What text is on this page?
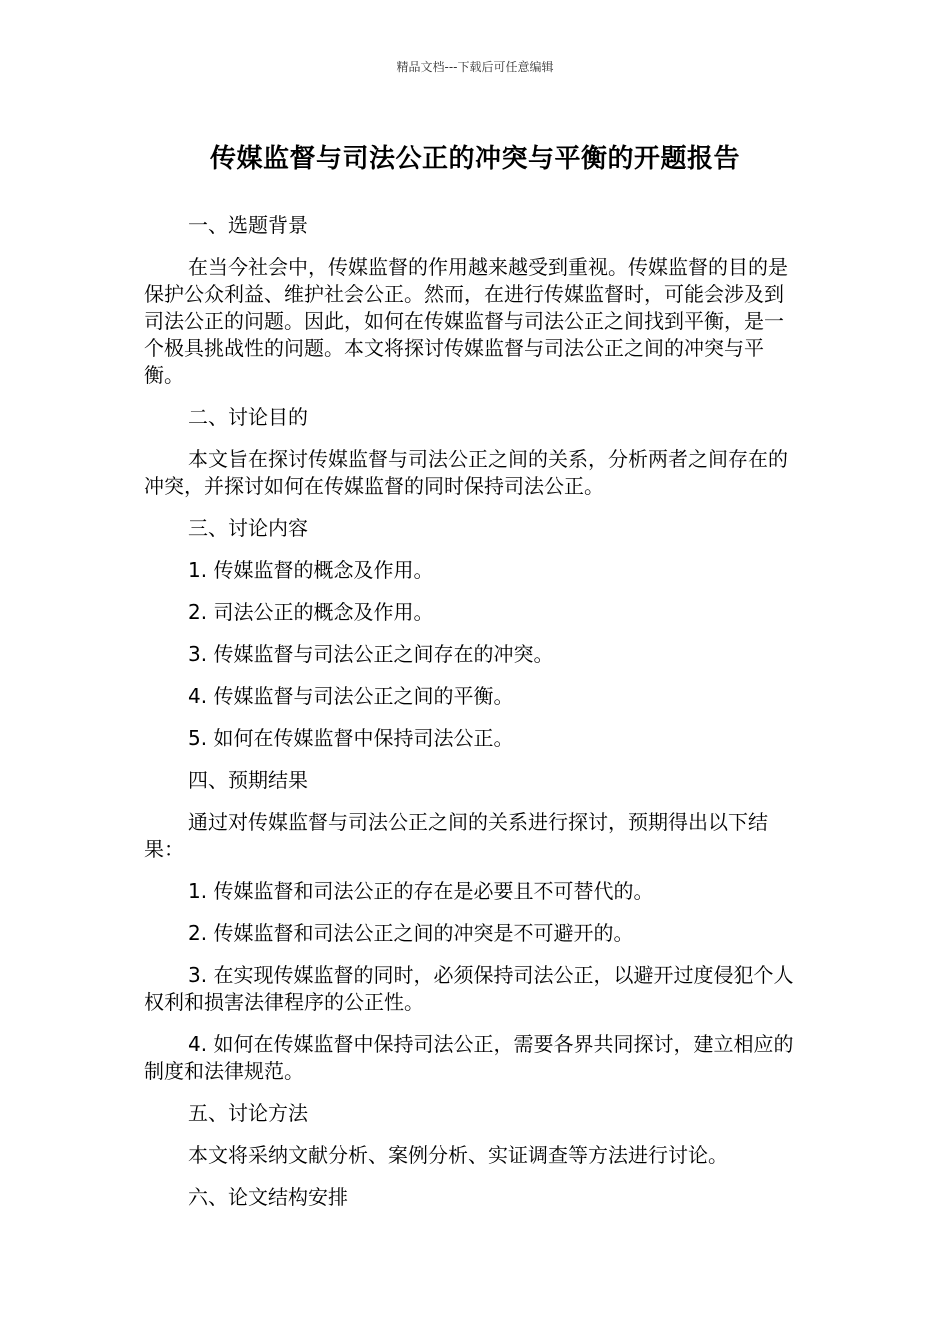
精品文档---下载后可任意编辑
传媒监督与司法公正的冲突与平衡的开题报告

一、选题背景

在当今社会中，传媒监督的作用越来越受到重视。传媒监督的目的是保护公众利益、维护社会公正。然而，在进行传媒监督时，可能会涉及到司法公正的问题。因此，如何在传媒监督与司法公正之间找到平衡，是一个极具挑战性的问题。本文将探讨传媒监督与司法公正之间的冲突与平衡。

二、讨论目的

本文旨在探讨传媒监督与司法公正之间的关系，分析两者之间存在的冲突，并探讨如何在传媒监督的同时保持司法公正。

三、讨论内容

1. 传媒监督的概念及作用。

2. 司法公正的概念及作用。

3. 传媒监督与司法公正之间存在的冲突。

4. 传媒监督与司法公正之间的平衡。

5. 如何在传媒监督中保持司法公正。

四、预期结果

通过对传媒监督与司法公正之间的关系进行探讨，预期得出以下结果：

1. 传媒监督和司法公正的存在是必要且不可替代的。

2. 传媒监督和司法公正之间的冲突是不可避开的。

3. 在实现传媒监督的同时，必须保持司法公正，以避开过度侵犯个人权利和损害法律程序的公正性。

4. 如何在传媒监督中保持司法公正，需要各界共同探讨，建立相应的制度和法律规范。

五、讨论方法

本文将采纳文献分析、案例分析、实证调查等方法进行讨论。

六、论文结构安排
